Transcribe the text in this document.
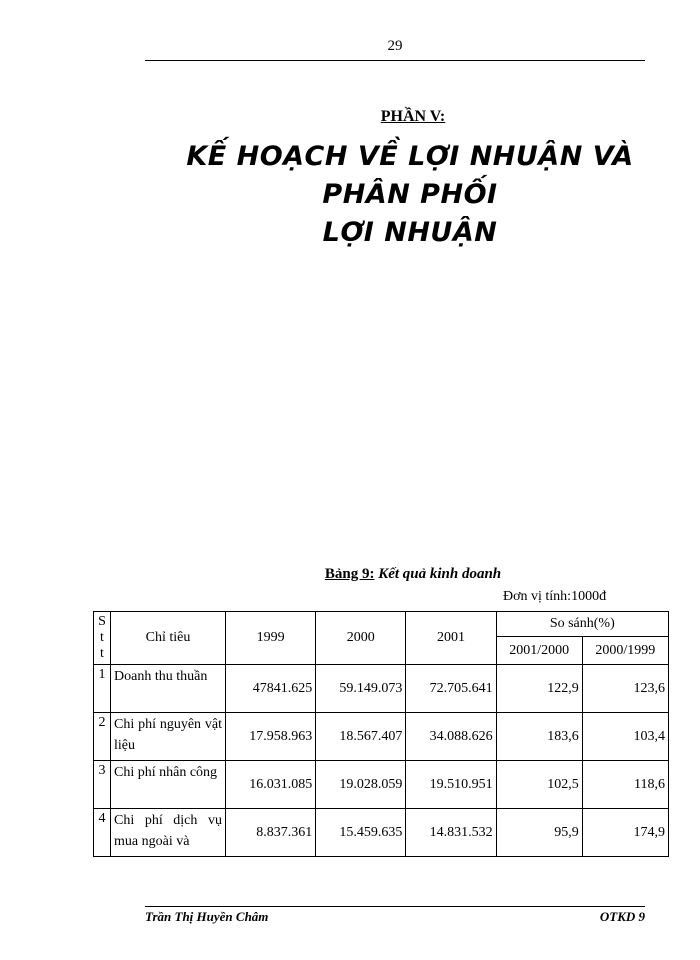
29
PHẦN V:
KẾ HOẠCH VỀ LỢI NHUẬN VÀ PHÂN PHỐI
LỢI NHUẬN
Bảng 9: Kết quả kinh doanh
Đơn vị tính:1000đ
S
t
t	Chỉ tiêu	1999	2000	2001	So sánh(%)	
					2001/2000	2000/1999
1	Doanh thu thuần	47841.625	59.149.073	72.705.641	122,9	123,6
2	Chi phí nguyên vật liệu	17.958.963	18.567.407	34.088.626	183,6	103,4
3	Chi phí nhân công	16.031.085	19.028.059	19.510.951	102,5	118,6
4	Chi phí dịch vụ mua ngoài và	8.837.361	15.459.635	14.831.532	95,9	174,9
Trần Thị Huyền Châm	OTKD 9
